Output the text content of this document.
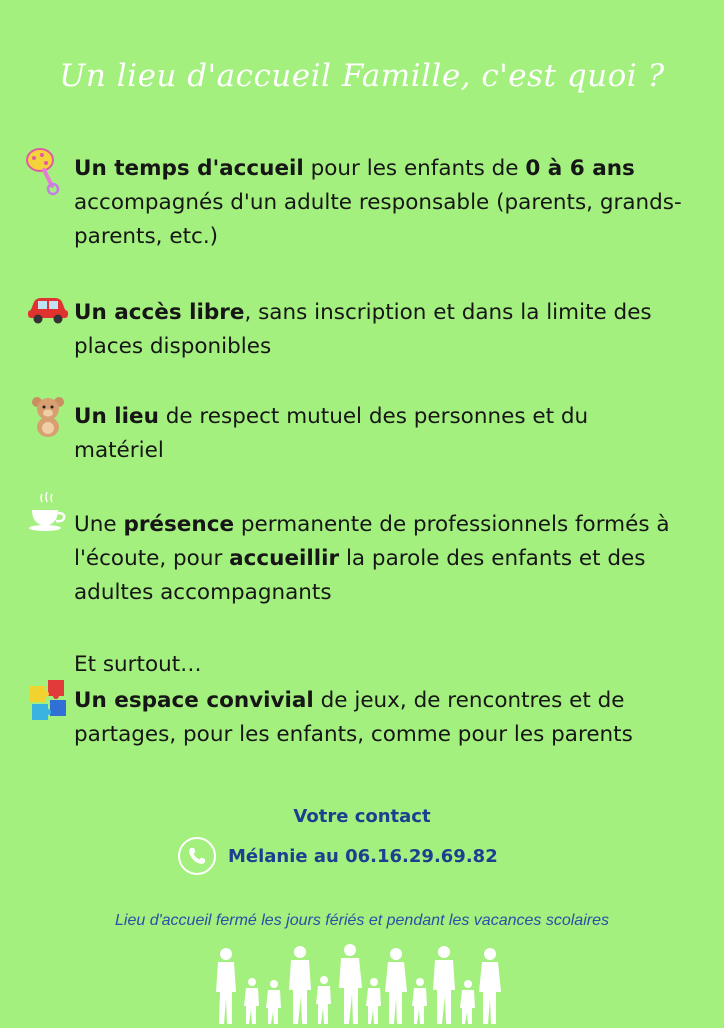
Un lieu d'accueil Famille, c'est quoi ?
Un temps d'accueil pour les enfants de 0 à 6 ans accompagnés d'un adulte responsable (parents, grands-parents, etc.)
Un accès libre, sans inscription et dans la limite des places disponibles
Un lieu de respect mutuel des personnes et du matériel
Une présence permanente de professionnels formés à l'écoute, pour accueillir la parole des enfants et des adultes accompagnants
Et surtout…
Un espace convivial de jeux, de rencontres et de partages, pour les enfants, comme pour les parents
Votre contact
Mélanie au 06.16.29.69.82
Lieu d'accueil fermé les jours fériés et pendant les vacances scolaires
